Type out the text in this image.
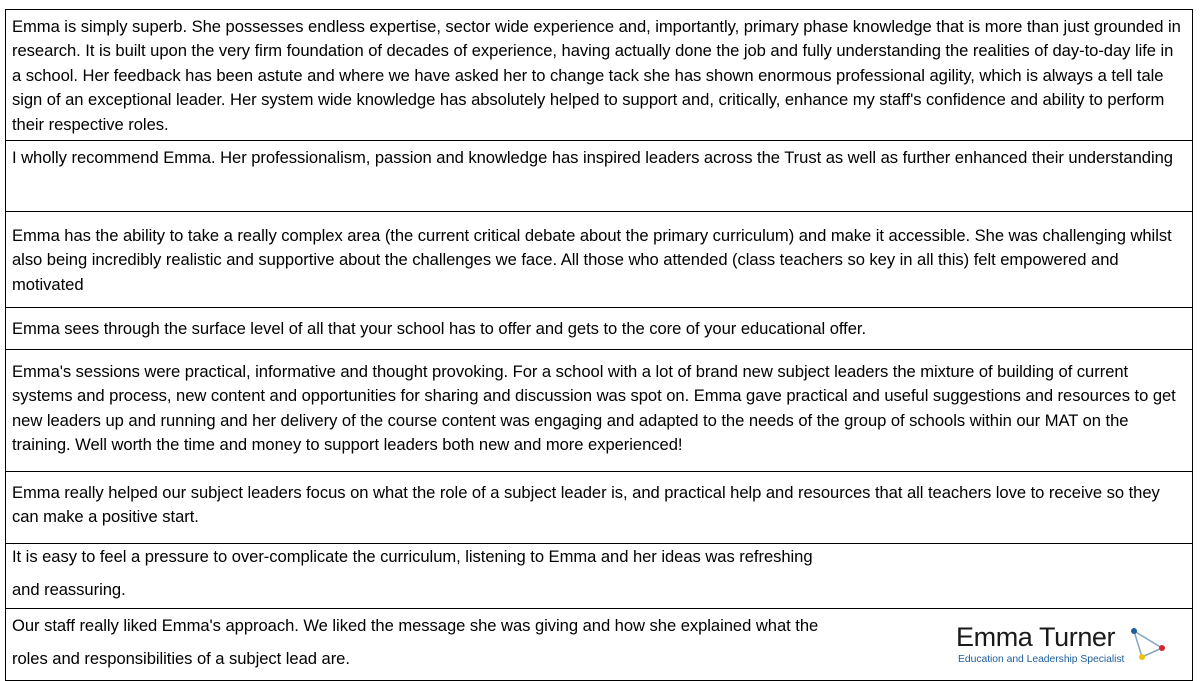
Emma is simply superb. She possesses endless expertise, sector wide experience and, importantly, primary phase knowledge that is more than just grounded in research. It is built upon the very firm foundation of decades of experience, having actually done the job and fully understanding the realities of day-to-day life in a school. Her feedback has been astute and where we have asked her to change tack she has shown enormous professional agility, which is always a tell tale sign of an exceptional leader. Her system wide knowledge has absolutely helped to support and, critically, enhance my staff's confidence and ability to perform their respective roles.
I wholly recommend Emma. Her professionalism, passion and knowledge has inspired leaders across the Trust as well as further enhanced their understanding
Emma has the ability to take a really complex area (the current critical debate about the primary curriculum) and make it accessible. She was challenging whilst also being incredibly realistic and supportive about the challenges we face. All those who attended (class teachers so key in all this) felt empowered and motivated
Emma sees through the surface level of all that your school has to offer and gets to the core of your educational offer.
Emma's sessions were practical, informative and thought provoking. For a school with a lot of brand new subject leaders the mixture of building of current systems and process, new content and opportunities for sharing and discussion was spot on. Emma gave practical and useful suggestions and resources to get new leaders up and running and her delivery of the course content was engaging and adapted to the needs of the group of schools within our MAT on the training. Well worth the time and money to support leaders both new and more experienced!
Emma really helped our subject leaders focus on what the role of a subject leader is, and practical help and resources that all teachers love to receive so they can make a positive start.
It is easy to feel a pressure to over-complicate the curriculum, listening to Emma and her ideas was refreshing
and reassuring.
Our staff really liked Emma's approach. We liked the message she was giving and how she explained what the
roles and responsibilities of a subject lead are.
Emma Turner
Education and Leadership Specialist
